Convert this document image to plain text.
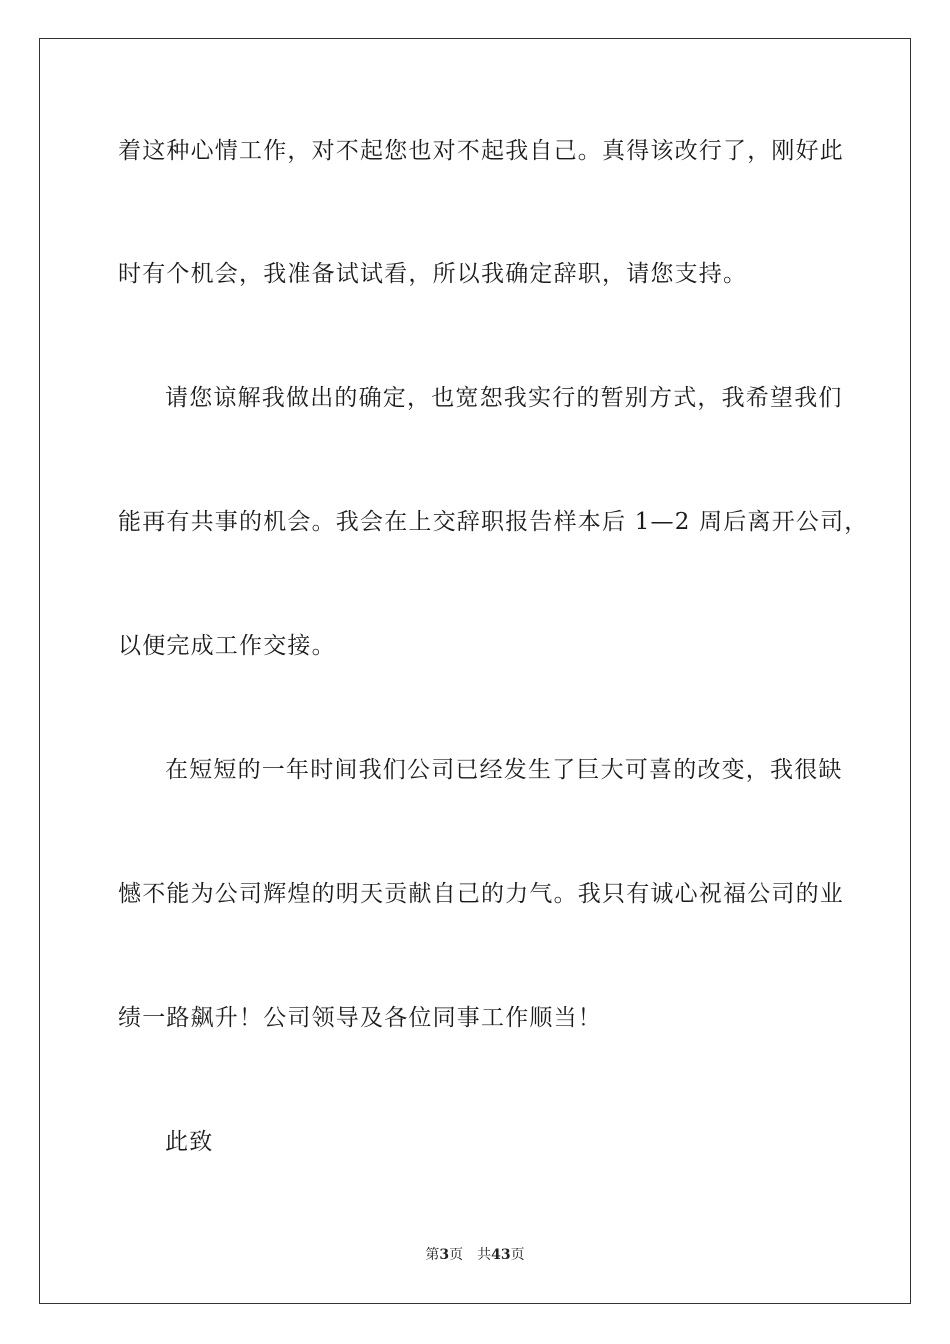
着这种心情工作，对不起您也对不起我自己。真得该改行了，刚好此
时有个机会，我准备试试看，所以我确定辞职，请您支持。
请您谅解我做出的确定，也宽恕我实行的暂别方式，我希望我们
能再有共事的机会。我会在上交辞职报告样本后 1—2 周后离开公司，
以便完成工作交接。
在短短的一年时间我们公司已经发生了巨大可喜的改变，我很缺
憾不能为公司辉煌的明天贡献自己的力气。我只有诚心祝福公司的业
绩一路飙升！公司领导及各位同事工作顺当！
此致
第3页 共43页
